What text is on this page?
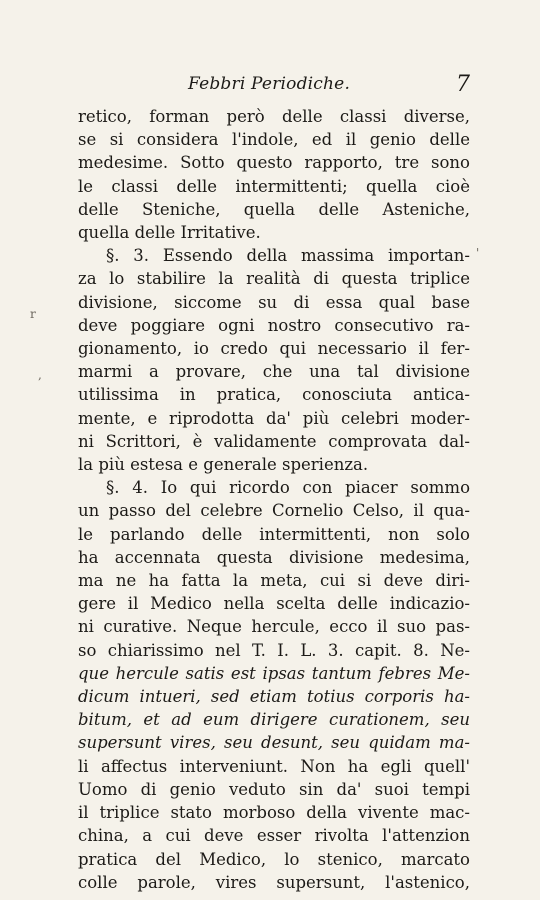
Febbri Periodiche.	7
retico, forman però delle classi diverse,
se si considera l'indole, ed il genio delle
medesime. Sotto questo rapporto, tre sono
le classi delle intermittenti; quella cioè
delle Steniche, quella delle Asteniche,
quella delle Irritative.
§. 3. Essendo della massima importan-
za lo stabilire la realità di questa triplice
divisione, siccome su di essa qual base
deve poggiare ogni nostro consecutivo ra-
gionamento, io credo qui necessario il fer-
marmi a provare, che una tal divisione
utilissima in pratica, conosciuta antica-
mente, e riprodotta da' più celebri moder-
ni Scrittori, è validamente comprovata dal-
la più estesa e generale sperienza.
§. 4. Io qui ricordo con piacer sommo
un passo del celebre Cornelio Celso, il qua-
le parlando delle intermittenti, non solo
ha accennata questa divisione medesima,
ma ne ha fatta la meta, cui si deve diri-
gere il Medico nella scelta delle indicazio-
ni curative. Neque hercule, ecco il suo pas-
so chiarissimo nel T. I. L. 3. capit. 8. Ne-
que hercule satis est ipsas tantum febres Me-
dicum intueri, sed etiam totius corporis ha-
bitum, et ad eum dirigere curationem, seu
supersunt vires, seu desunt, seu quidam ma-
li affectus interveniunt. Non ha egli quell'
Uomo di genio veduto sin da' suoi tempi
il triplice stato morboso della vivente mac-
china, a cui deve esser rivolta l'attenzion
pratica del Medico, lo stenico, marcato
colle parole, vires supersunt, l'astenico,
'
r
,
